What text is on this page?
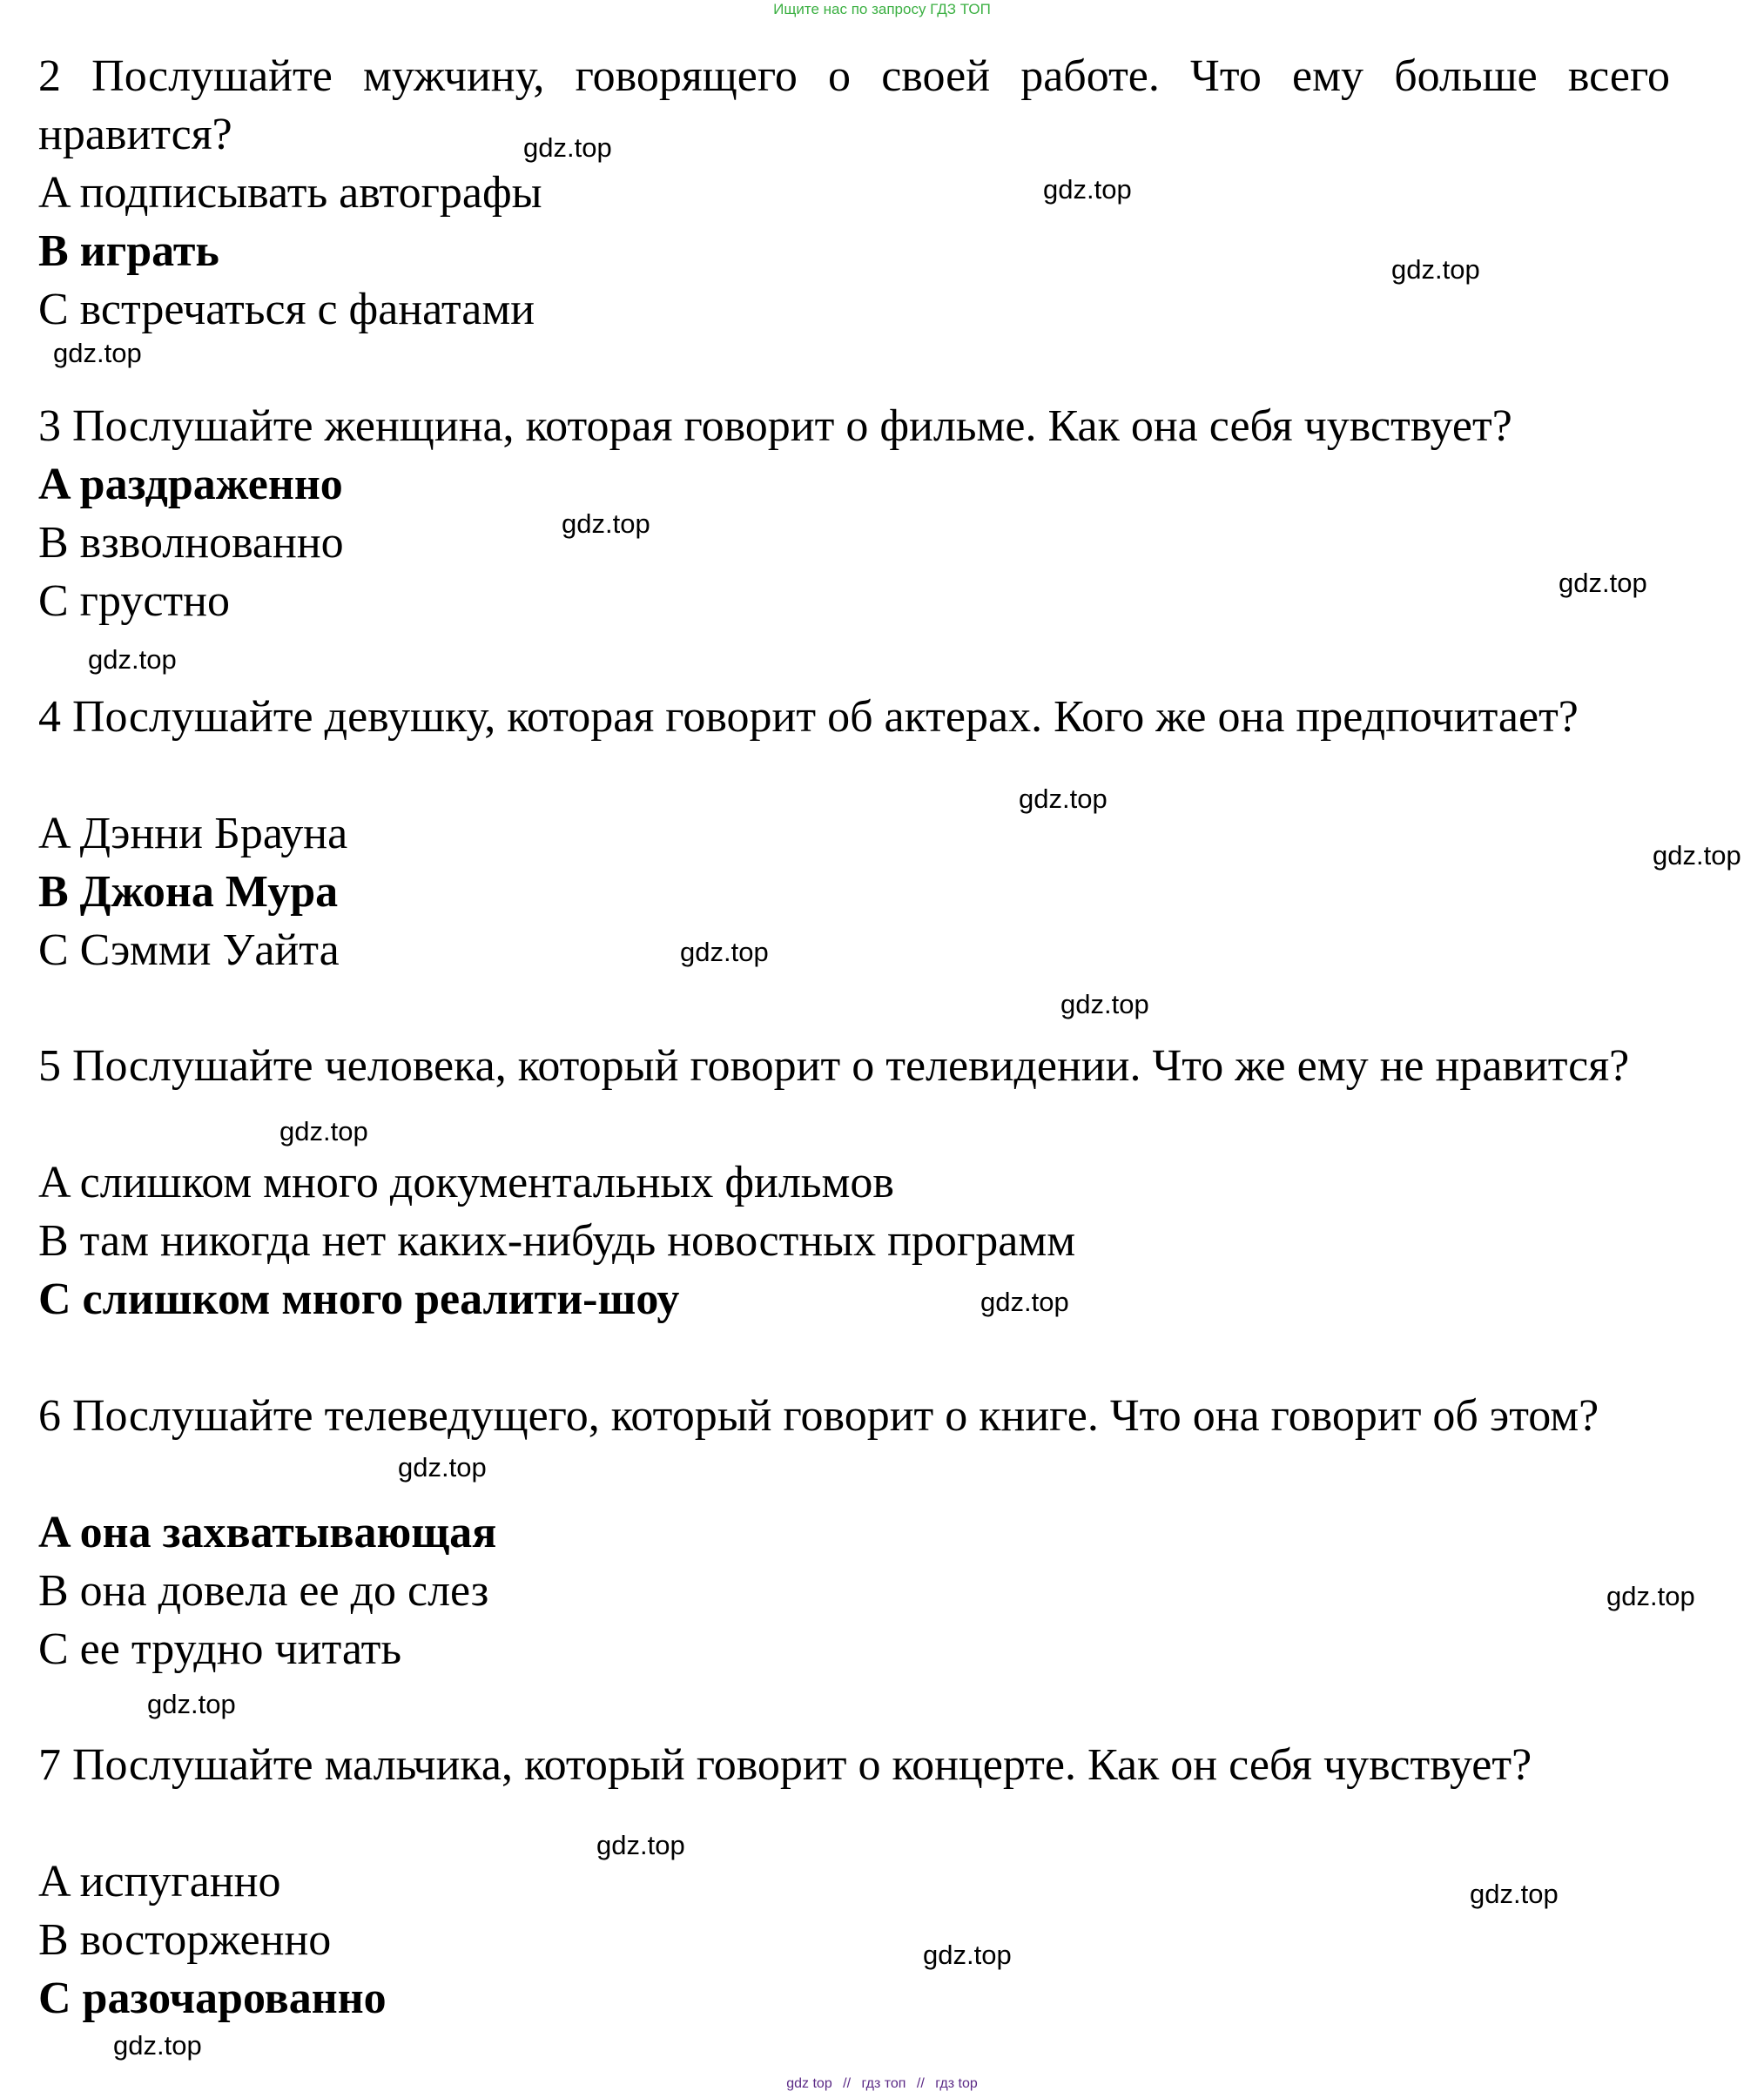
Ищите нас по запросу ГДЗ ТОП

2 Послушайте мужчину, говорящего о своей работе. Что ему больше всего нравится?

A подписывать автографы

B играть

C встречаться с фанатами

3 Послушайте женщина, которая говорит о фильме. Как она себя чувствует?

A раздраженно

B взволнованно

C грустно

4 Послушайте девушку, которая говорит об актерах. Кого же она предпочитает?

A Дэнни Брауна

B Джона Мура

C Сэмми Уайта

5 Послушайте человека, который говорит о телевидении. Что же ему не нравится?

A слишком много документальных фильмов

B там никогда нет каких-нибудь новостных программ

C слишком много реалити-шоу

6 Послушайте телеведущего, который говорит о книге. Что она говорит об этом?

A она захватывающая

B она довела ее до слез

C ее трудно читать

7 Послушайте мальчика, который говорит о концерте. Как он себя чувствует?

A испуганно

B восторженно

C разочарованно

gdz.top
gdz.top
gdz.top
gdz.top
gdz.top
gdz.top
gdz.top
gdz.top
gdz.top
gdz.top
gdz.top
gdz.top
gdz.top
gdz.top
gdz.top
gdz.top
gdz.top
gdz.top
gdz.top
gdz.top
gdz top // гдз топ // гдз top
